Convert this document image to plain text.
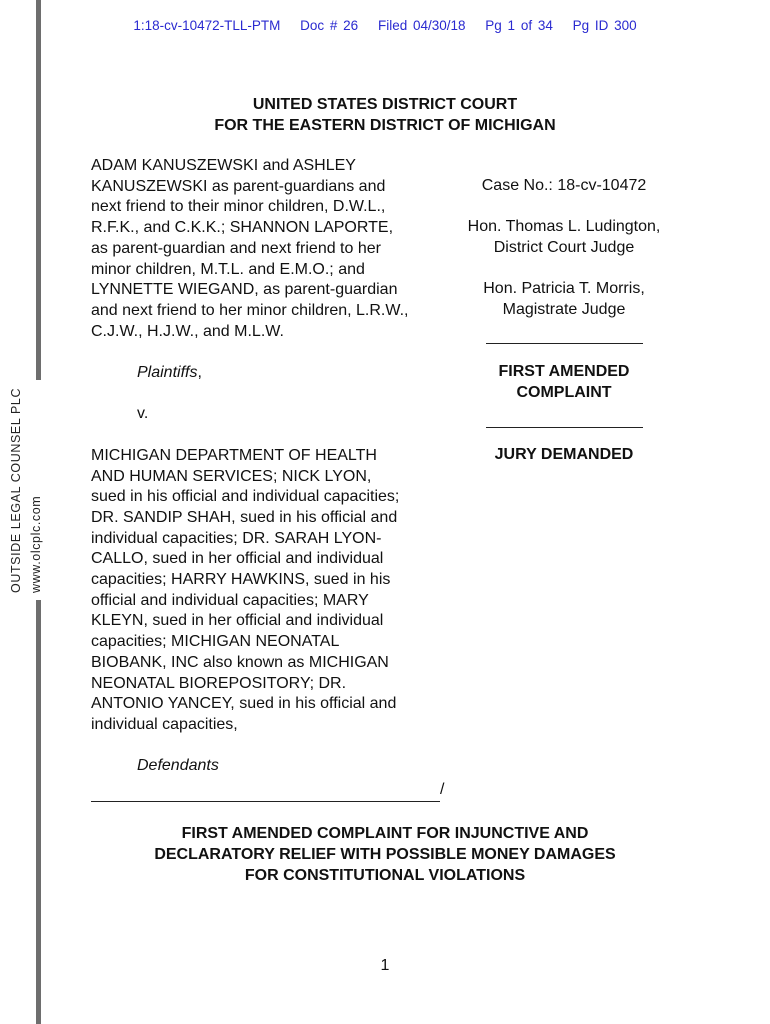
OUTSIDE LEGAL COUNSEL PLC www.olcplc.com
1:18-cv-10472-TLL-PTM Doc # 26 Filed 04/30/18 Pg 1 of 34 Pg ID 300
UNITED STATES DISTRICT COURT
FOR THE EASTERN DISTRICT OF MICHIGAN

ADAM KANUSZEWSKI and ASHLEY

KANUSZEWSKI as parent-guardians and

next friend to their minor children, D.W.L.,

R.F.K., and C.K.K.; SHANNON LAPORTE,

as parent-guardian and next friend to her

minor children, M.T.L. and E.M.O.; and

LYNNETTE WIEGAND, as parent-guardian

and next friend to her minor children, L.R.W.,

C.J.W., H.J.W., and M.L.W.

Plaintiffs,

v.

MICHIGAN DEPARTMENT OF HEALTH

AND HUMAN SERVICES; NICK LYON,

sued in his official and individual capacities;

DR. SANDIP SHAH, sued in his official and

individual capacities; DR. SARAH LYON-

CALLO, sued in her official and individual

capacities; HARRY HAWKINS, sued in his

official and individual capacities; MARY

KLEYN, sued in her official and individual

capacities; MICHIGAN NEONATAL

BIOBANK, INC also known as MICHIGAN

NEONATAL BIOREPOSITORY; DR.

ANTONIO YANCEY, sued in his official and

individual capacities,

Defendants

Case No.: 18-cv-10472

Hon. Thomas L. Ludington,

District Court Judge

Hon. Patricia T. Morris,

Magistrate Judge

FIRST AMENDED

COMPLAINT

JURY DEMANDED

/
FIRST AMENDED COMPLAINT FOR INJUNCTIVE AND
DECLARATORY RELIEF WITH POSSIBLE MONEY DAMAGES
FOR CONSTITUTIONAL VIOLATIONS
1
